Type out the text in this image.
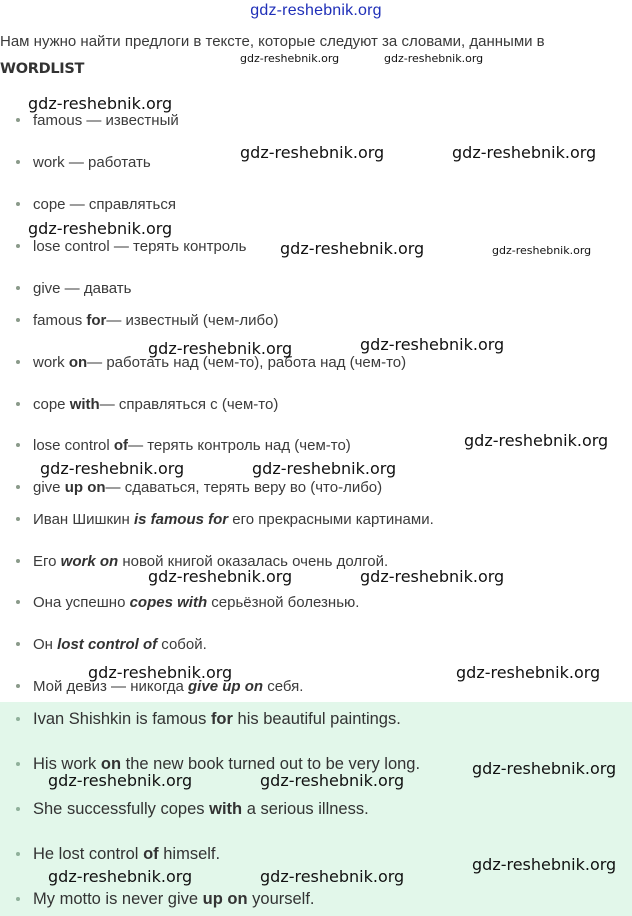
gdz-reshebnik.org
Нам нужно найти предлоги в тексте, которые следуют за словами, данными в
WORDLIST
famous — известный
work — работать
cope — справляться
lose control — терять контроль
give — давать
famous
for — известный (чем-либо)
work
on — работать над (чем-то), работа над (чем-то)
cope
with — справляться с (чем-то)
lose control
of — терять контроль над (чем-то)
give
up on — сдаваться, терять веру во (что-либо)
Иван Шишкин
is famous for
его прекрасными картинами.
Его
work on
новой книгой оказалась очень долгой.
Она успешно
copes with
серьёзной болезнью.
Он
lost control of
собой.
Мой девиз — никогда
give up on
себя.
Ivan Shishkin is famous
for
his beautiful paintings.
His work
on
the new book turned out to be very long.
She successfully copes
with
a serious illness.
He lost control
of
himself.
My motto is never give
up on
yourself.
gdz-reshebnik.org	gdz-reshebnik.org
gdz-reshebnik.org
gdz-reshebnik.org	gdz-reshebnik.org
gdz-reshebnik.org
gdz-reshebnik.org	gdz-reshebnik.org
gdz-reshebnik.org
gdz-reshebnik.org
gdz-reshebnik.org
gdz-reshebnik.org	gdz-reshebnik.org
gdz-reshebnik.org	gdz-reshebnik.org
gdz-reshebnik.org	gdz-reshebnik.org
gdz-reshebnik.org
gdz-reshebnik.org	gdz-reshebnik.org
gdz-reshebnik.org
gdz-reshebnik.org	gdz-reshebnik.org
